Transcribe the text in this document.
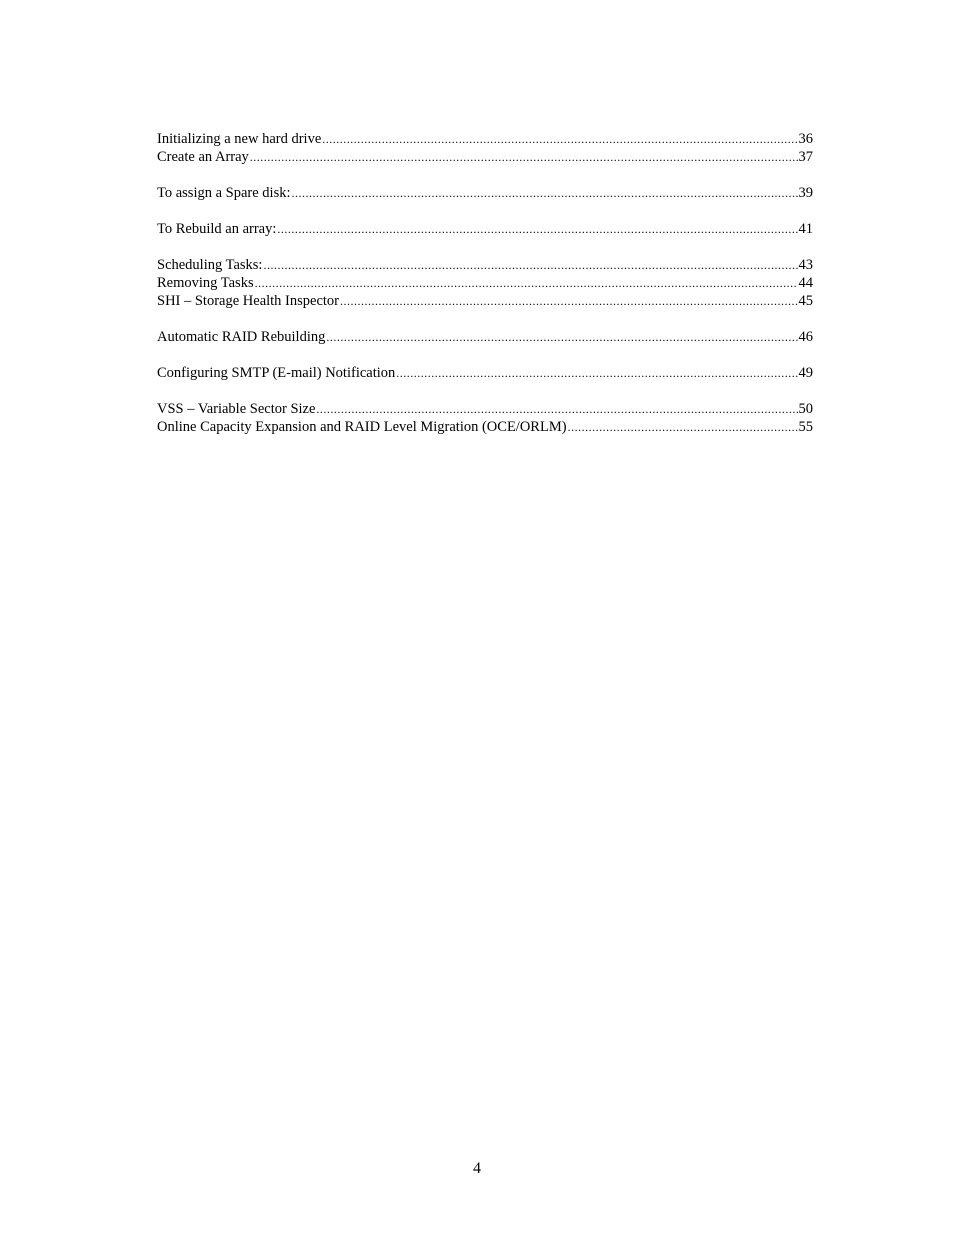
Initializing a new hard drive .....	36
Create an Array .....	37
To assign a Spare disk: .....	39
To Rebuild an array: .....	41
Scheduling Tasks: .....	43
Removing Tasks .....	44
SHI – Storage Health Inspector .....	45
Automatic RAID Rebuilding .....	46
Configuring SMTP (E-mail) Notification .....	49
VSS – Variable Sector Size .....	50
Online Capacity Expansion and RAID Level Migration (OCE/ORLM) .....	55
4
